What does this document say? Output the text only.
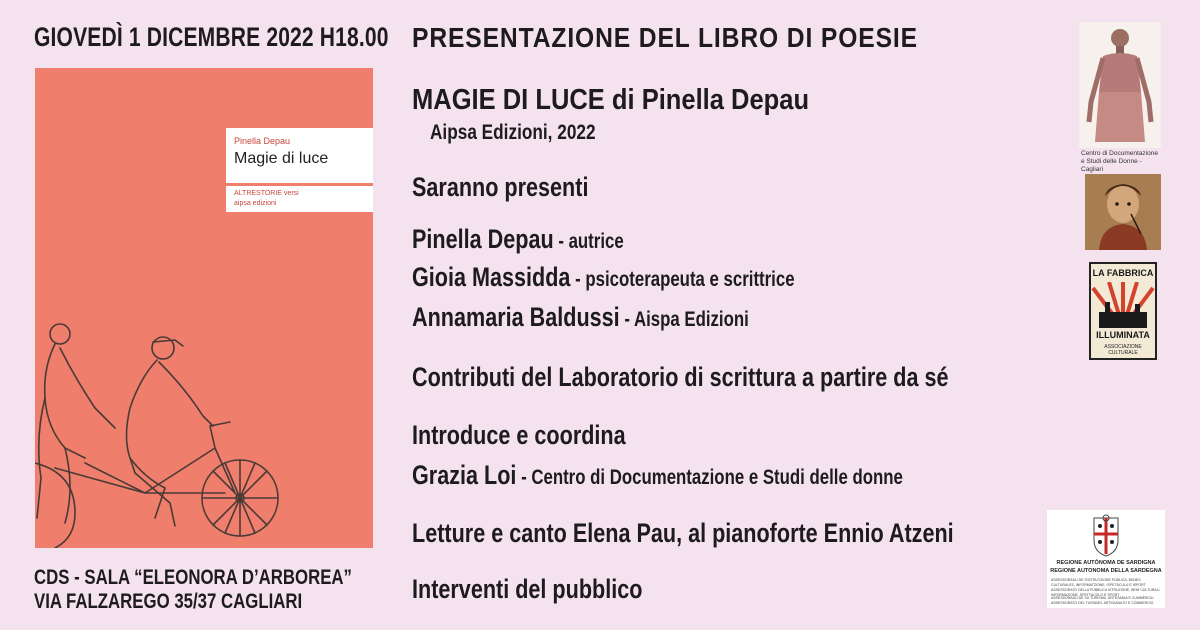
GIOVEDÌ 1 DICEMBRE 2022 H18.00 PRESENTAZIONE DEL LIBRO DI POESIE
Pinella Depau
Magie di luce
ALTRESTORIE versi
aipsa edizioni
CDS - SALA “ELEONORA D’ARBOREA”
VIA FALZAREGO 35/37 CAGLIARI
MAGIE DI LUCE di Pinella Depau
Aipsa Edizioni, 2022
Saranno presenti
Pinella Depau - autrice
Gioia Massidda - psicoterapeuta e scrittrice
Annamaria Baldussi - Aispa Edizioni
Contributi del Laboratorio di scrittura a partire da sé
Introduce e coordina
Grazia Loi - Centro di Documentazione e Studi delle donne
Letture e canto Elena Pau, al pianoforte Ennio Atzeni
Interventi del pubblico
Centro di Documentazione e Studi delle Donne - Cagliari
LA FABBRICA
ILLUMINATA
ASSOCIAZIONE CULTURALE
REGIONE AUTÒNOMA DE SARDIGNA
REGIONE AUTONOMA DELLA SARDEGNA
ASSESSORADU DE S'ISTRUTZIONE PÙBLICA, BENES CULTURALES, INFORMATZIONE, ISPETÀCULU E ISPORT
ASSESSORATO DELLA PUBBLICA ISTRUZIONE, BENI CULTURALI, INFORMAZIONE, SPETTACOLO E SPORT
ASSESSORADU DE SU TURISMU, ARTESANIA E CUMMÈRCIU
ASSESSORATO DEL TURISMO, ARTIGIANATO E COMMERCIO
